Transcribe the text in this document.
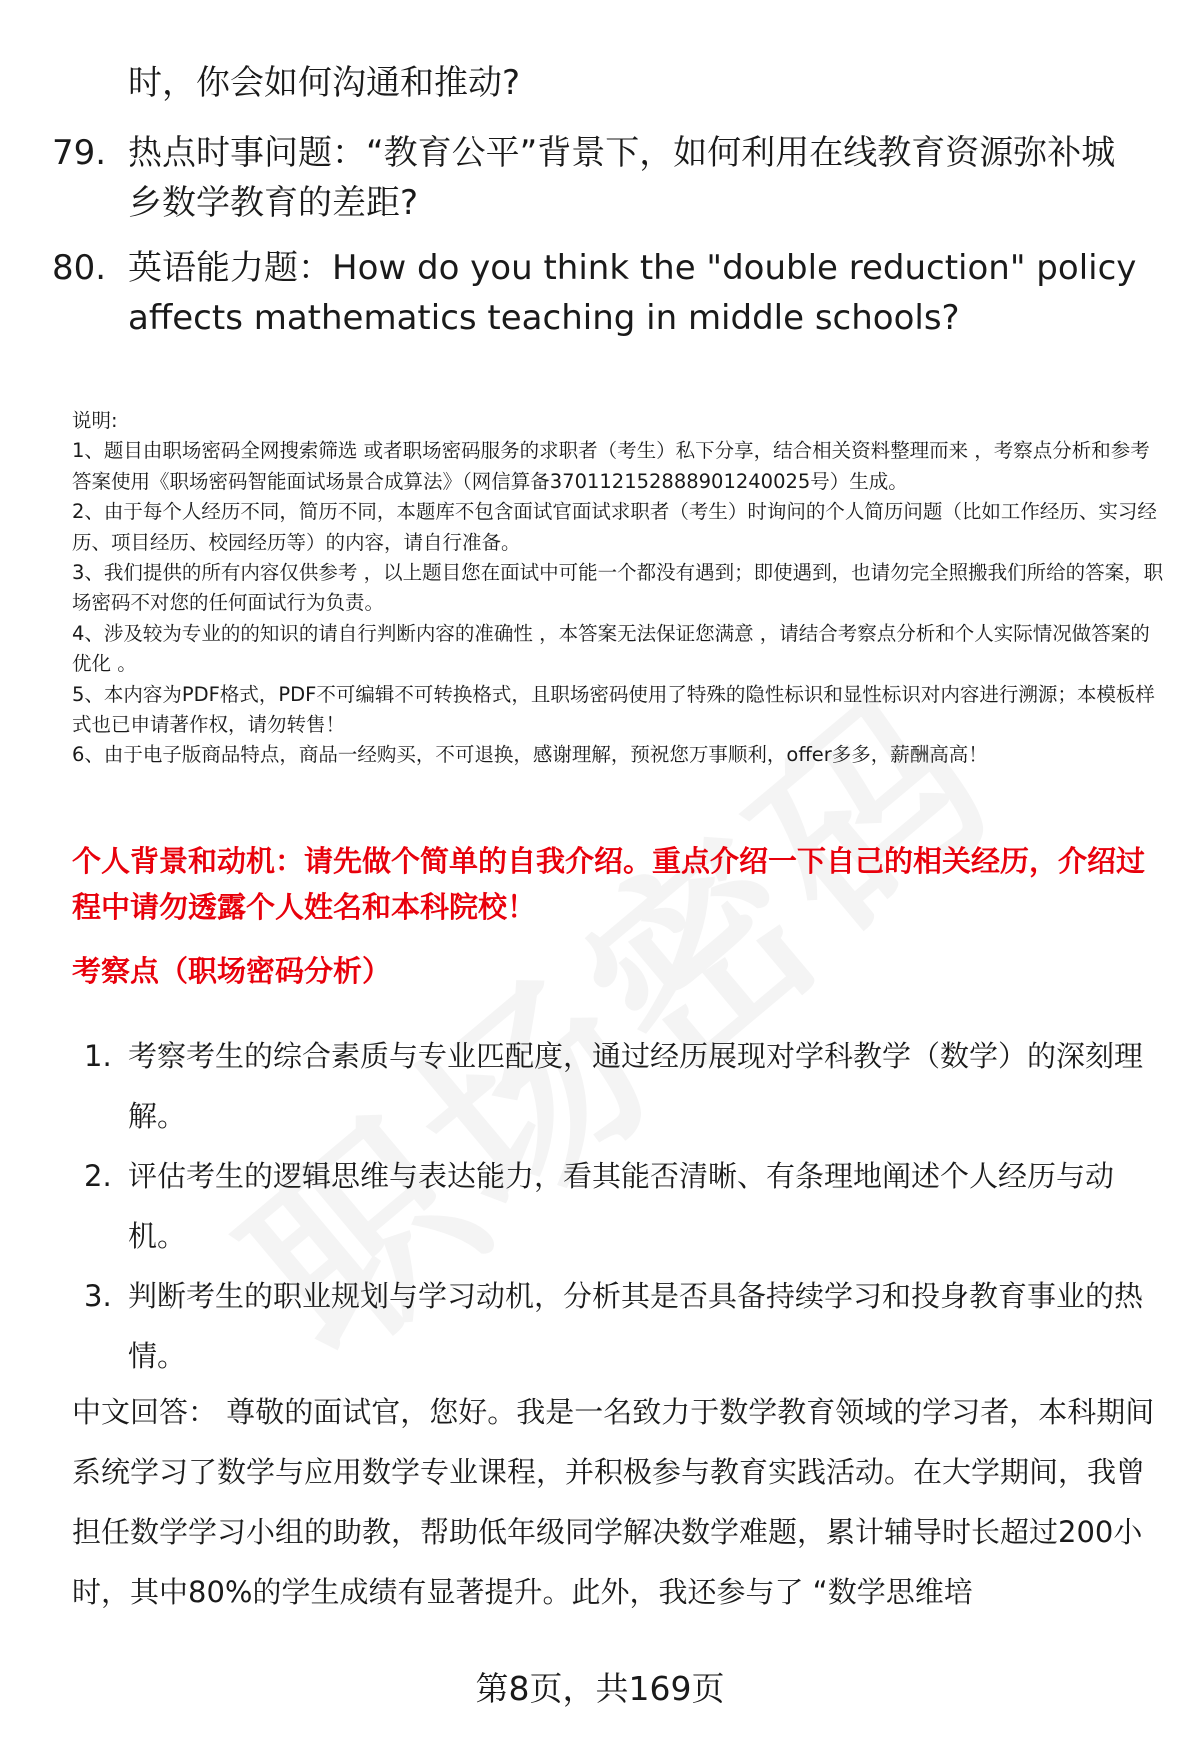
时，你会如何沟通和推动?
79. 热点时事问题：“教育公平”背景下，如何利用在线教育资源弥补城乡数学教育的差距?
80. 英语能力题：How do you think the "double reduction" policy affects mathematics teaching in middle schools?
说明:
1、题目由职场密码全网搜索筛选 或者职场密码服务的求职者（考生）私下分享，结合相关资料整理而来 ，考察点分析和参考答案使用《职场密码智能面试场景合成算法》（网信算备370112152888901240025号）生成。
2、由于每个人经历不同，简历不同，本题库不包含面试官面试求职者（考生）时询问的个人简历问题（比如工作经历、实习经历、项目经历、校园经历等）的内容，请自行准备。
3、我们提供的所有内容仅供参考 ，以上题目您在面试中可能一个都没有遇到；即使遇到，也请勿完全照搬我们所给的答案，职场密码不对您的任何面试行为负责。
4、涉及较为专业的的知识的请自行判断内容的准确性 ，本答案无法保证您满意 ，请结合考察点分析和个人实际情况做答案的优化 。
5、本内容为PDF格式，PDF不可编辑不可转换格式，且职场密码使用了特殊的隐性标识和显性标识对内容进行溯源；本模板样式也已申请著作权，请勿转售！
6、由于电子版商品特点，商品一经购买，不可退换，感谢理解，预祝您万事顺利，offer多多，薪酬高高！
个人背景和动机：请先做个简单的自我介绍。重点介绍一下自己的相关经历，介绍过程中请勿透露个人姓名和本科院校！
考察点（职场密码分析）
1. 考察考生的综合素质与专业匹配度，通过经历展现对学科教学（数学）的深刻理解。
2. 评估考生的逻辑思维与表达能力，看其能否清晰、有条理地阐述个人经历与动机。
3. 判断考生的职业规划与学习动机，分析其是否具备持续学习和投身教育事业的热情。
中文回答： 尊敬的面试官，您好。我是一名致力于数学教育领域的学习者，本科期间系统学习了数学与应用数学专业课程，并积极参与教育实践活动。在大学期间，我曾担任数学学习小组的助教，帮助低年级同学解决数学难题，累计辅导时长超过200小时，其中80%的学生成绩有显著提升。此外，我还参与了 “数学思维培
第8页，共169页
